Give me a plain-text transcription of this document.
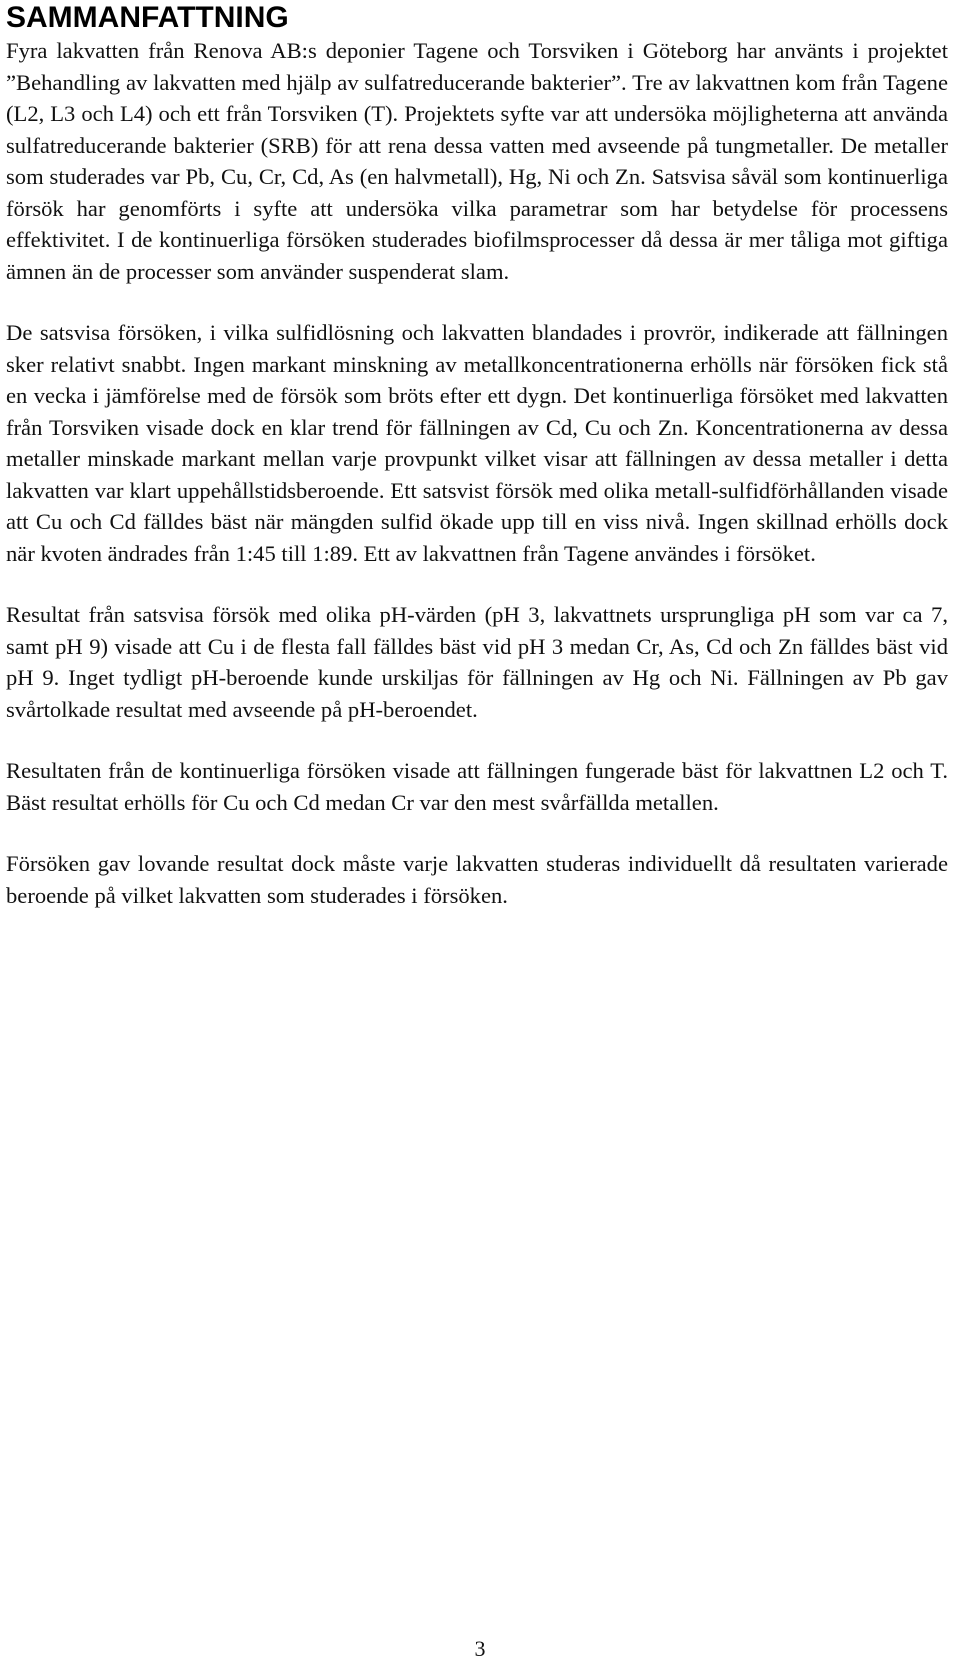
SAMMANFATTNING

Fyra lakvatten från Renova AB:s deponier Tagene och Torsviken i Göteborg har använts i projektet ”Behandling av lakvatten med hjälp av sulfatreducerande bakterier”. Tre av lakvattnen kom från Tagene (L2, L3 och L4) och ett från Torsviken (T). Projektets syfte var att undersöka möjligheterna att använda sulfatreducerande bakterier (SRB) för att rena dessa vatten med avseende på tungmetaller. De metaller som studerades var Pb, Cu, Cr, Cd, As (en halvmetall), Hg, Ni och Zn. Satsvisa såväl som kontinuerliga försök har genomförts i syfte att undersöka vilka parametrar som har betydelse för processens effektivitet. I de kontinuerliga försöken studerades biofilmsprocesser då dessa är mer tåliga mot giftiga ämnen än de processer som använder suspenderat slam.

De satsvisa försöken, i vilka sulfidlösning och lakvatten blandades i provrör, indikerade att fällningen sker relativt snabbt. Ingen markant minskning av metallkoncentrationerna erhölls när försöken fick stå en vecka i jämförelse med de försök som bröts efter ett dygn. Det kontinuerliga försöket med lakvatten från Torsviken visade dock en klar trend för fällningen av Cd, Cu och Zn. Koncentrationerna av dessa metaller minskade markant mellan varje provpunkt vilket visar att fällningen av dessa metaller i detta lakvatten var klart uppehållstidsberoende. Ett satsvist försök med olika metall-sulfidförhållanden visade att Cu och Cd fälldes bäst när mängden sulfid ökade upp till en viss nivå. Ingen skillnad erhölls dock när kvoten ändrades från 1:45 till 1:89. Ett av lakvattnen från Tagene användes i försöket.

Resultat från satsvisa försök med olika pH-värden (pH 3, lakvattnets ursprungliga pH som var ca 7, samt pH 9) visade att Cu i de flesta fall fälldes bäst vid pH 3 medan Cr, As, Cd och Zn fälldes bäst vid pH 9. Inget tydligt pH-beroende kunde urskiljas för fällningen av Hg och Ni. Fällningen av Pb gav svårtolkade resultat med avseende på pH-beroendet.

Resultaten från de kontinuerliga försöken visade att fällningen fungerade bäst för lakvattnen L2 och T. Bäst resultat erhölls för Cu och Cd medan Cr var den mest svårfällda metallen.

Försöken gav lovande resultat dock måste varje lakvatten studeras individuellt då resultaten varierade beroende på vilket lakvatten som studerades i försöken.

3
